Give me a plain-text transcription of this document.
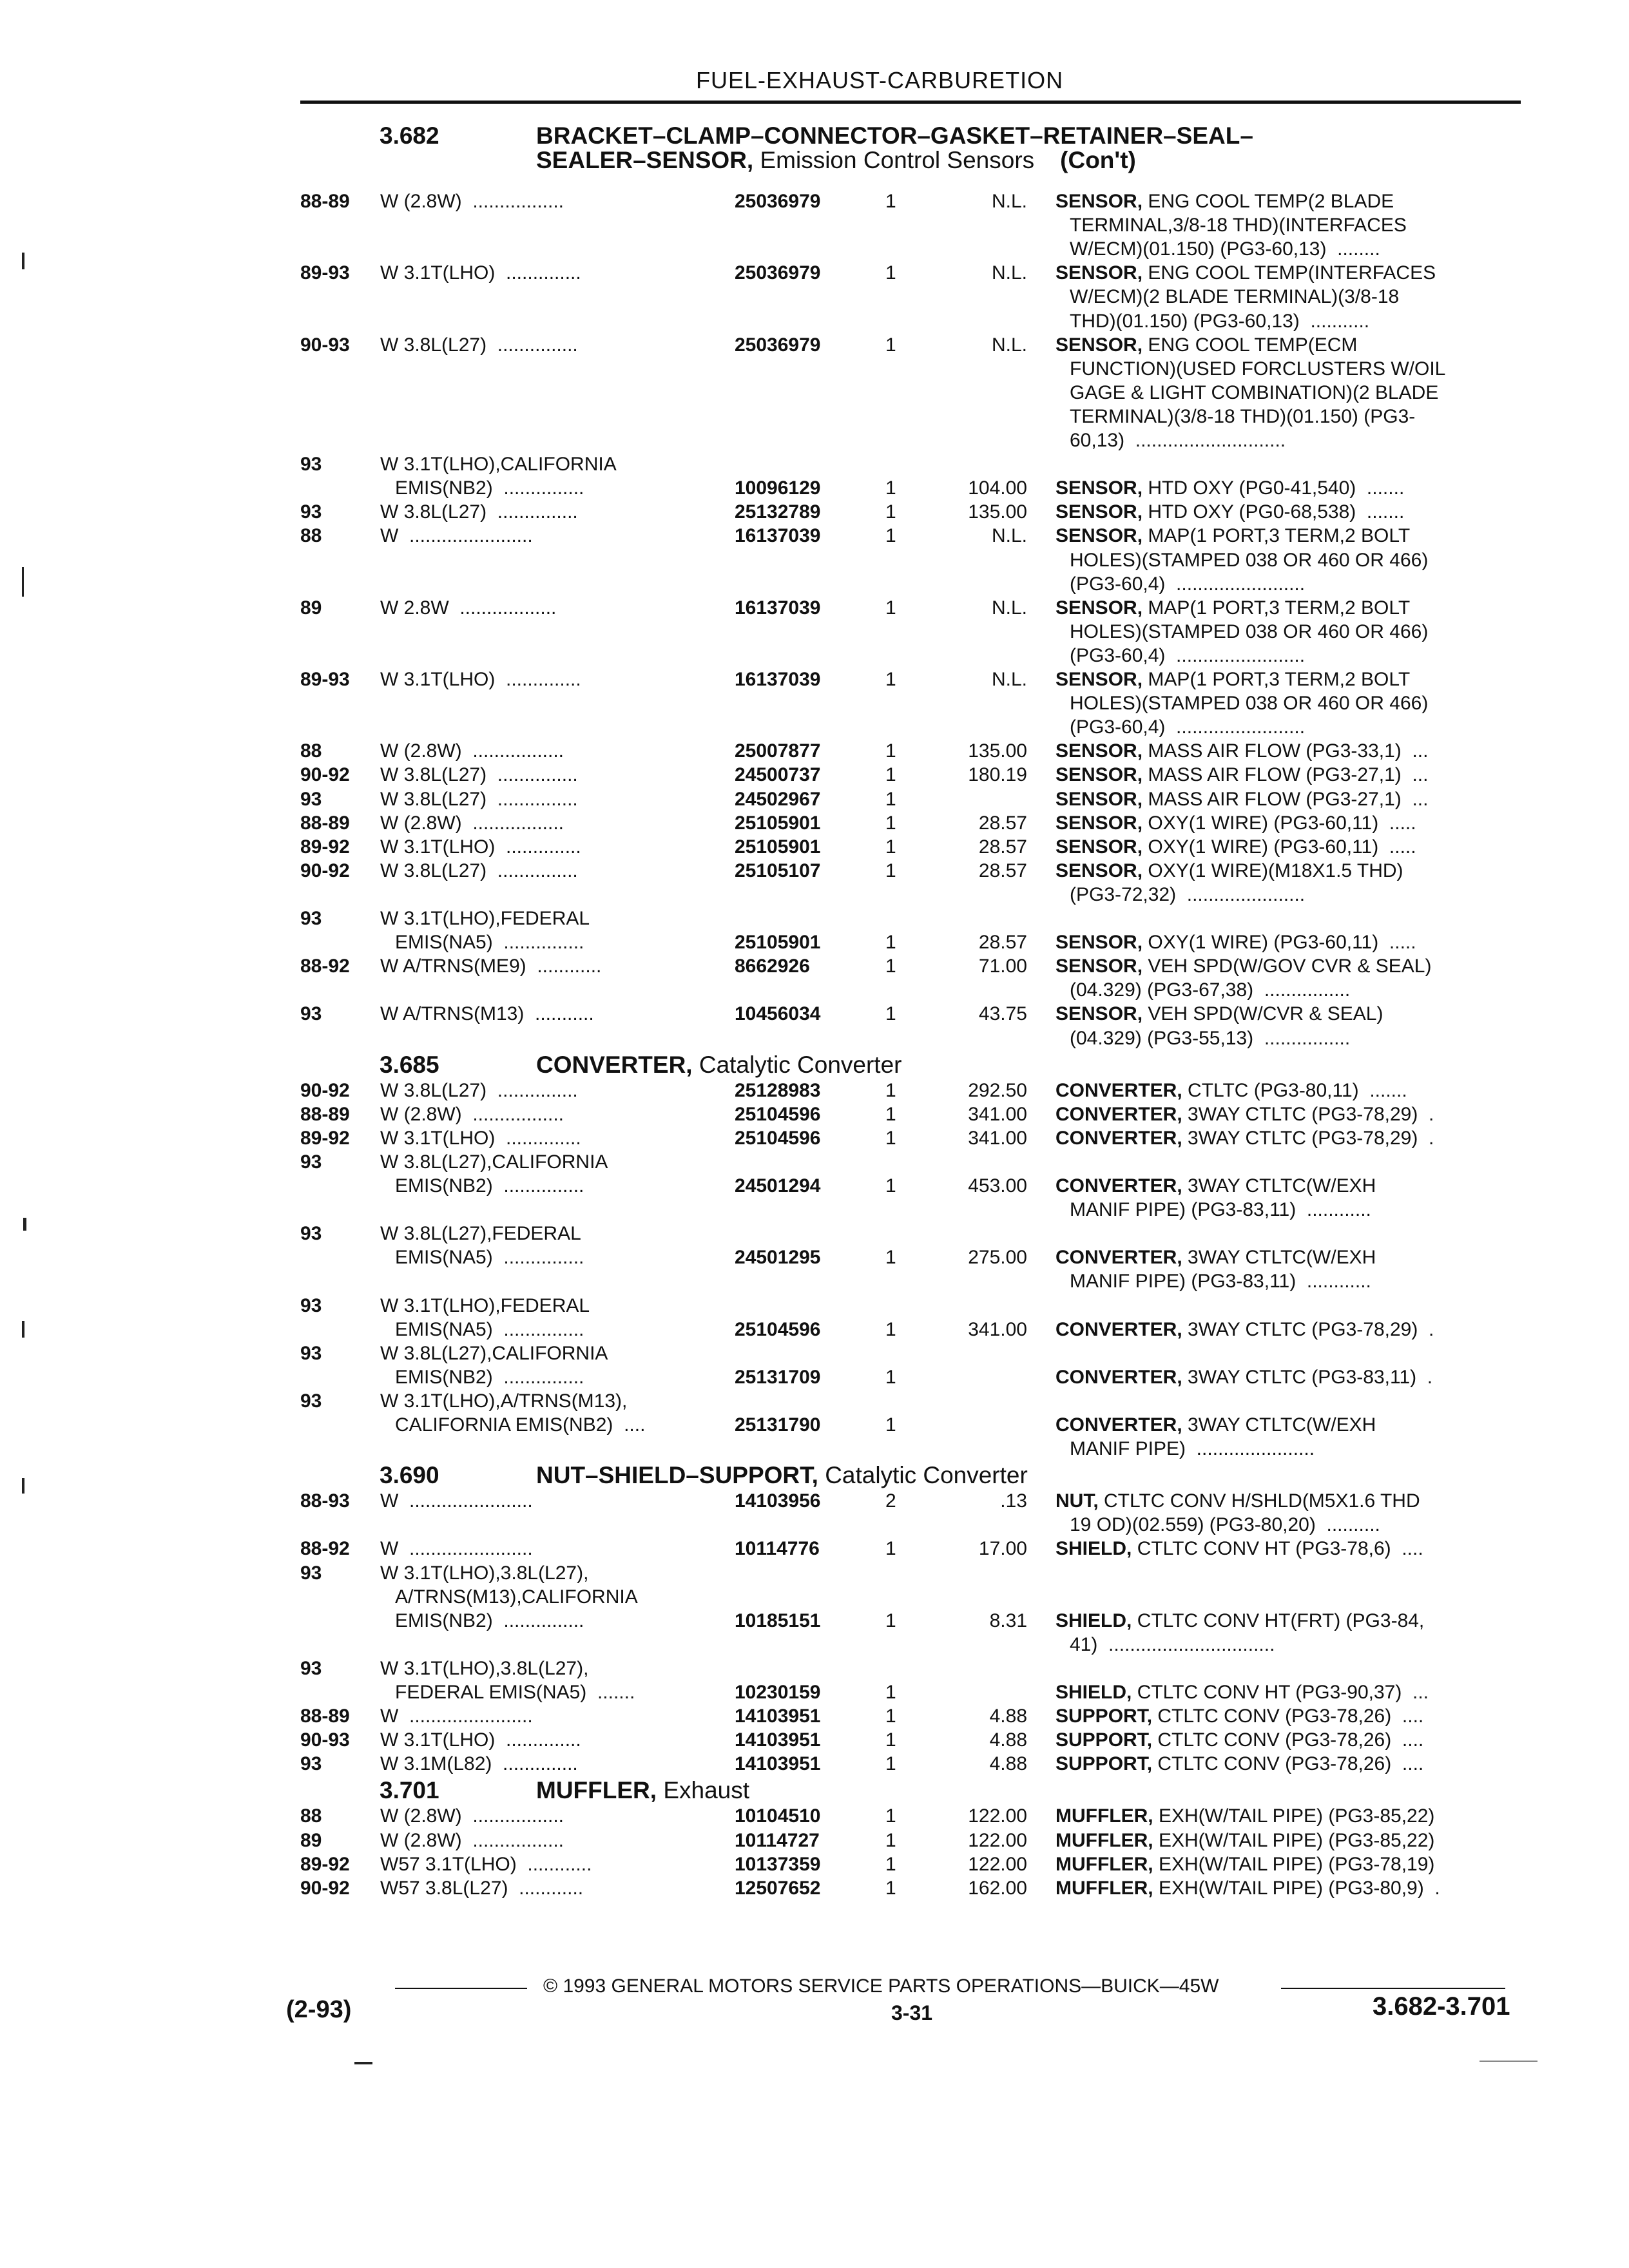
FUEL-EXHAUST-CARBURETION
3.682	BRACKET–CLAMP–CONNECTOR–GASKET–RETAINER–SEAL–
SEALER–SENSOR, Emission Control Sensors (Con't)
88-89 W (2.8W)  .................	25036979	1	N.L. SENSOR, ENG COOL TEMP(2 BLADE
TERMINAL,3/8-18 THD)(INTERFACES
W/ECM)(01.150) (PG3-60,13)  ........
89-93 W 3.1T(LHO)  ..............	25036979	1	N.L. SENSOR, ENG COOL TEMP(INTERFACES
W/ECM)(2 BLADE TERMINAL)(3/8-18
THD)(01.150) (PG3-60,13)  ...........
90-93 W 3.8L(L27)  ...............	25036979	1	N.L. SENSOR, ENG COOL TEMP(ECM
FUNCTION)(USED FORCLUSTERS W/OIL
GAGE & LIGHT COMBINATION)(2 BLADE
TERMINAL)(3/8-18 THD)(01.150) (PG3-
60,13)  ............................
93	W 3.1T(LHO),CALIFORNIA
EMIS(NB2)  ...............	10096129	1	104.00 SENSOR, HTD OXY (PG0-41,540)  .......
93	W 3.8L(L27)  ...............	25132789	1	135.00 SENSOR, HTD OXY (PG0-68,538)  .......
88	W  .......................	16137039	1	N.L. SENSOR, MAP(1 PORT,3 TERM,2 BOLT
HOLES)(STAMPED 038 OR 460 OR 466)
(PG3-60,4)  ........................
89	W 2.8W  ..................	16137039	1	N.L. SENSOR, MAP(1 PORT,3 TERM,2 BOLT
HOLES)(STAMPED 038 OR 460 OR 466)
(PG3-60,4)  ........................
89-93 W 3.1T(LHO)  ..............	16137039	1	N.L. SENSOR, MAP(1 PORT,3 TERM,2 BOLT
HOLES)(STAMPED 038 OR 460 OR 466)
(PG3-60,4)  ........................
88	W (2.8W)  .................	25007877	1	135.00 SENSOR, MASS AIR FLOW (PG3-33,1)  ...
90-92 W 3.8L(L27)  ...............	24500737	1	180.19 SENSOR, MASS AIR FLOW (PG3-27,1)  ...
93	W 3.8L(L27)  ...............	24502967	1	SENSOR, MASS AIR FLOW (PG3-27,1)  ...
88-89 W (2.8W)  .................	25105901	1	28.57 SENSOR, OXY(1 WIRE) (PG3-60,11)  .....
89-92 W 3.1T(LHO)  ..............	25105901	1	28.57 SENSOR, OXY(1 WIRE) (PG3-60,11)  .....
90-92 W 3.8L(L27)  ...............	25105107	1	28.57 SENSOR, OXY(1 WIRE)(M18X1.5 THD)
(PG3-72,32)  ......................
93	W 3.1T(LHO),FEDERAL
EMIS(NA5)  ...............	25105901	1	28.57 SENSOR, OXY(1 WIRE) (PG3-60,11)  .....
88-92 W A/TRNS(ME9)  ............	8662926	1	71.00 SENSOR, VEH SPD(W/GOV CVR & SEAL)
(04.329) (PG3-67,38)  ................
93	W A/TRNS(M13)  ...........	10456034	1	43.75 SENSOR, VEH SPD(W/CVR & SEAL)
(04.329) (PG3-55,13)  ................
3.685	CONVERTER, Catalytic Converter
90-92 W 3.8L(L27)  ...............	25128983	1	292.50 CONVERTER, CTLTC (PG3-80,11)  .......
88-89 W (2.8W)  .................	25104596	1	341.00 CONVERTER, 3WAY CTLTC (PG3-78,29)  .
89-92 W 3.1T(LHO)  ..............	25104596	1	341.00 CONVERTER, 3WAY CTLTC (PG3-78,29)  .
93	W 3.8L(L27),CALIFORNIA
EMIS(NB2)  ...............	24501294	1	453.00 CONVERTER, 3WAY CTLTC(W/EXH
MANIF PIPE) (PG3-83,11)  ............
93	W 3.8L(L27),FEDERAL
EMIS(NA5)  ...............	24501295	1	275.00 CONVERTER, 3WAY CTLTC(W/EXH
MANIF PIPE) (PG3-83,11)  ............
93	W 3.1T(LHO),FEDERAL
EMIS(NA5)  ...............	25104596	1	341.00 CONVERTER, 3WAY CTLTC (PG3-78,29)  .
93	W 3.8L(L27),CALIFORNIA
EMIS(NB2)  ...............	25131709	1	CONVERTER, 3WAY CTLTC (PG3-83,11)  .
93	W 3.1T(LHO),A/TRNS(M13),
CALIFORNIA EMIS(NB2)  ....	25131790	1	CONVERTER, 3WAY CTLTC(W/EXH
MANIF PIPE)  ......................
3.690	NUT–SHIELD–SUPPORT, Catalytic Converter
88-93 W  .......................	14103956	2	.13 NUT, CTLTC CONV H/SHLD(M5X1.6 THD
19 OD)(02.559) (PG3-80,20)  ..........
88-92 W  .......................	10114776	1	17.00 SHIELD, CTLTC CONV HT (PG3-78,6)  ....
93	W 3.1T(LHO),3.8L(L27),
A/TRNS(M13),CALIFORNIA
EMIS(NB2)  ...............	10185151	1	8.31 SHIELD, CTLTC CONV HT(FRT) (PG3-84,
41)  ...............................
93	W 3.1T(LHO),3.8L(L27),
FEDERAL EMIS(NA5)  .......	10230159	1	SHIELD, CTLTC CONV HT (PG3-90,37)  ...
88-89 W  .......................	14103951	1	4.88 SUPPORT, CTLTC CONV (PG3-78,26)  ....
90-93 W 3.1T(LHO)  ..............	14103951	1	4.88 SUPPORT, CTLTC CONV (PG3-78,26)  ....
93	W 3.1M(L82)  ..............	14103951	1	4.88 SUPPORT, CTLTC CONV (PG3-78,26)  ....
3.701	MUFFLER, Exhaust
88	W (2.8W)  .................	10104510	1	122.00 MUFFLER, EXH(W/TAIL PIPE) (PG3-85,22)
89	W (2.8W)  .................	10114727	1	122.00 MUFFLER, EXH(W/TAIL PIPE) (PG3-85,22)
89-92 W57 3.1T(LHO)  ............	10137359	1	122.00 MUFFLER, EXH(W/TAIL PIPE) (PG3-78,19)
90-92 W57 3.8L(L27)  ............	12507652	1	162.00 MUFFLER, EXH(W/TAIL PIPE) (PG3-80,9)  .
© 1993 GENERAL MOTORS SERVICE PARTS OPERATIONS—BUICK—45W
(2-93)	3-31	3.682-3.701
